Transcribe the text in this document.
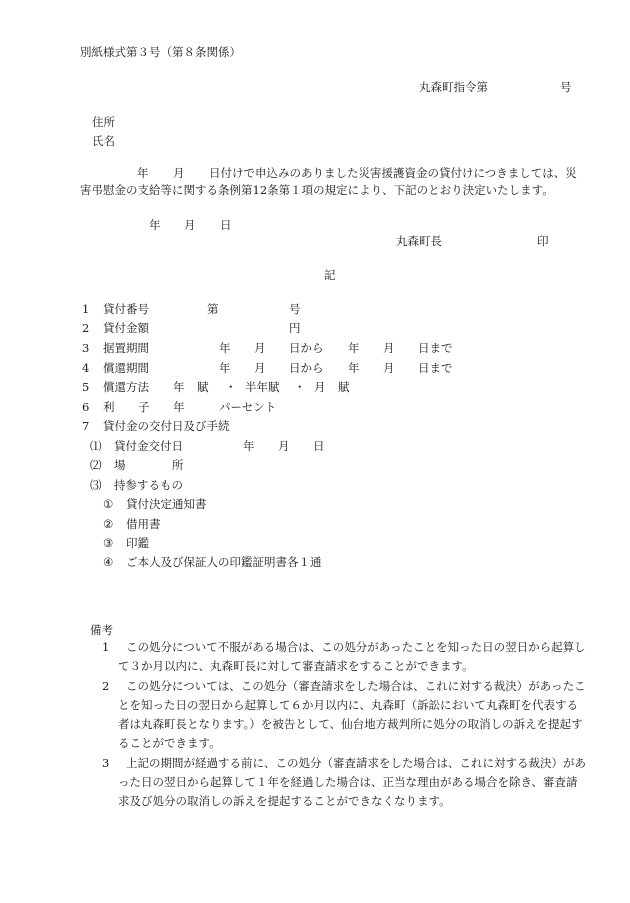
別紙様式第３号（第８条関係）
丸森町指令第	号
住所
氏名
年 月 日付けで申込みのありました災害援護資金の貸付けにつきましては、災
害弔慰金の支給等に関する条例第12条第１項の規定により、下記のとおり決定いたします。
年 月 日
丸森町長	印
記
1 貸付番号	第	号
2 貸付金額	円
3 据置期間	年 月 日から 年 月 日まで
4 償還期間	年 月 日から 年 月 日まで
5 償還方法 年 賦 ・ 半年賦 ・ 月 賦
6 利 子 年	パーセント
7 貸付金の交付日及び手続
⑴ 貸付金交付日	年 月 日
⑵ 場	所
⑶ 持参するもの
① 貸付決定通知書
② 借用書
③ 印鑑
④ ご本人及び保証人の印鑑証明書各１通
備考
1	この処分について不服がある場合は、この処分があったことを知った日の翌日から起算して３か月以内に、丸森町長に対して審査請求をすることができます。
2	この処分については、この処分（審査請求をした場合は、これに対する裁決）があったことを知った日の翌日から起算して６か月以内に、丸森町（訴訟において丸森町を代表する者は丸森町長となります。）を被告として、仙台地方裁判所に処分の取消しの訴えを提起することができます。
3	上記の期間が経過する前に、この処分（審査請求をした場合は、これに対する裁決）があった日の翌日から起算して１年を経過した場合は、正当な理由がある場合を除き、審査請求及び処分の取消しの訴えを提起することができなくなります。
